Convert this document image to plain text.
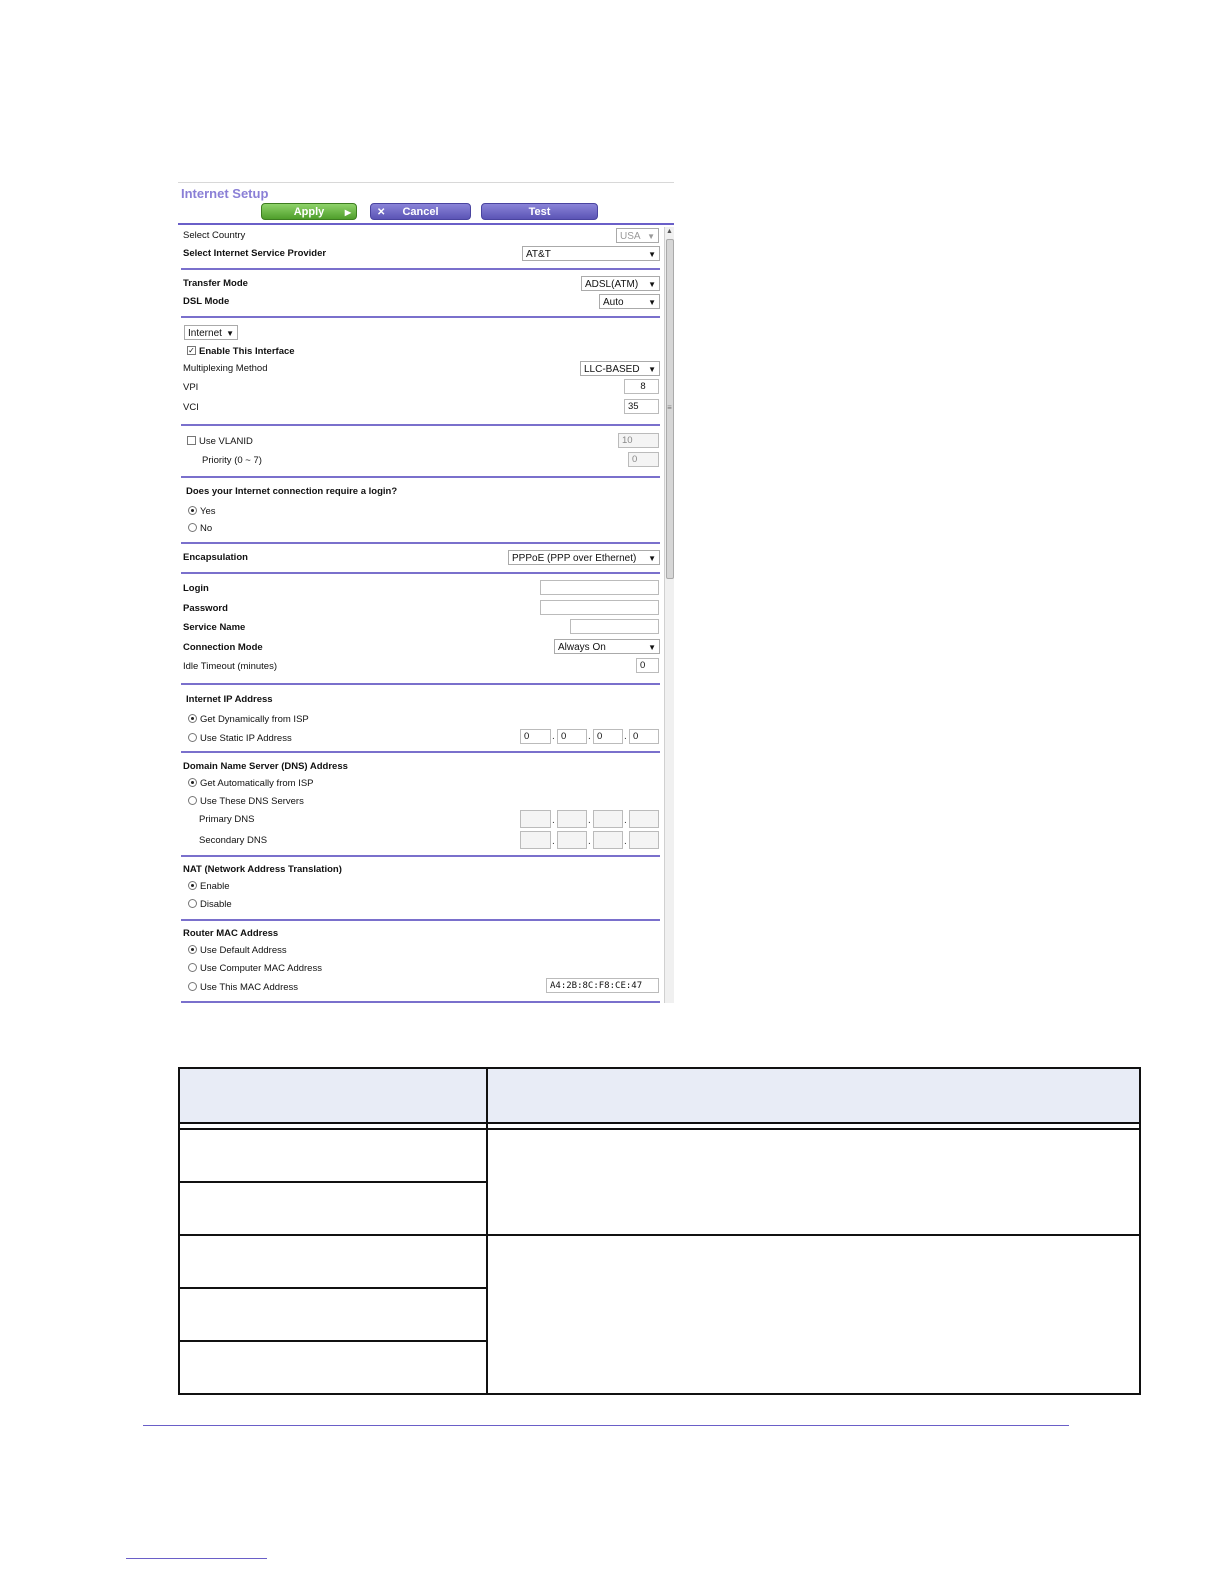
Internet Setup
Apply	▶	✕ Cancel	Test
▲
≡
Select Country	USA ▼
Select Internet Service Provider	AT&T	▼
Transfer Mode	ADSL(ATM) ▼
DSL Mode	Auto	▼
Internet ▼
✓ Enable This Interface
Multiplexing Method	LLC-BASED ▼
VPI	8
VCI	35
Use VLANID	10
Priority (0 ~ 7)	0
Does your Internet connection require a login?
Yes
No
Encapsulation	PPPoE (PPP over Ethernet) ▼
Login
Password
Service Name
Connection Mode	Always On	▼
Idle Timeout (minutes)	0
Internet IP Address
Get Dynamically from ISP
Use Static IP Address	0	. 0	. 0	. 0
Domain Name Server (DNS) Address
Get Automatically from ISP
Use These DNS Servers
Primary DNS	.	.	.
Secondary DNS	.	.	.
NAT (Network Address Translation)
Enable
Disable
Router MAC Address
Use Default Address
Use Computer MAC Address
Use This MAC Address	A4:2B:8C:F8:CE:47
